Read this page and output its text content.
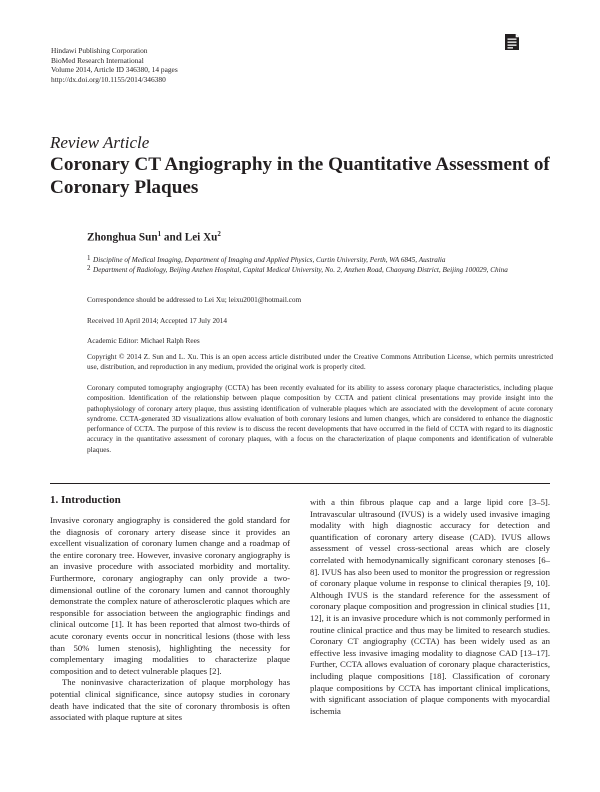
Hindawi Publishing Corporation
BioMed Research International
Volume 2014, Article ID 346380, 14 pages
http://dx.doi.org/10.1155/2014/346380
Review Article
Coronary CT Angiography in the Quantitative Assessment of Coronary Plaques
Zhonghua Sun$^1$ and Lei Xu$^2$
1 Discipline of Medical Imaging, Department of Imaging and Applied Physics, Curtin University, Perth, WA 6845, Australia
2 Department of Radiology, Beijing Anzhen Hospital, Capital Medical University, No. 2, Anzhen Road, Chaoyang District, Beijing 100029, China
Correspondence should be addressed to Lei Xu; leixu2001@hotmail.com
Received 10 April 2014; Accepted 17 July 2014
Academic Editor: Michael Ralph Rees
Copyright © 2014 Z. Sun and L. Xu. This is an open access article distributed under the Creative Commons Attribution License, which permits unrestricted use, distribution, and reproduction in any medium, provided the original work is properly cited.
Coronary computed tomography angiography (CCTA) has been recently evaluated for its ability to assess coronary plaque characteristics, including plaque composition. Identification of the relationship between plaque composition by CCTA and patient clinical presentations may provide insight into the pathophysiology of coronary artery plaque, thus assisting identification of vulnerable plaques which are associated with the development of acute coronary syndrome. CCTA-generated 3D visualizations allow evaluation of both coronary lesions and lumen changes, which are considered to enhance the diagnostic performance of CCTA. The purpose of this review is to discuss the recent developments that have occurred in the field of CCTA with regard to its diagnostic accuracy in the quantitative assessment of coronary plaques, with a focus on the characterization of plaque components and identification of vulnerable plaques.
1. Introduction

Invasive coronary angiography is considered the gold standard for the diagnosis of coronary artery disease since it provides an excellent visualization of coronary lumen change and a roadmap of the entire coronary tree. However, invasive coronary angiography is an invasive procedure with associated morbidity and mortality. Furthermore, coronary angiography can only provide a two-dimensional outline of the coronary lumen and cannot thoroughly demonstrate the complex nature of atherosclerotic plaques which are responsible for association between the angiographic findings and clinical outcome [1]. It has been reported that almost two-thirds of acute coronary events occur in noncritical lesions (those with less than 50% lumen stenosis), highlighting the necessity for complementary imaging modalities to characterize plaque composition and to detect vulnerable plaques [2].

The noninvasive characterization of plaque morphology has potential clinical significance, since autopsy studies in coronary death have indicated that the site of coronary thrombosis is often associated with plaque rupture at sites

with a thin fibrous plaque cap and a large lipid core [3–5]. Intravascular ultrasound (IVUS) is a widely used invasive imaging modality with high diagnostic accuracy for detection and quantification of coronary artery disease (CAD). IVUS allows assessment of vessel cross-sectional areas which are closely correlated with hemodynamically significant coronary stenoses [6–8]. IVUS has also been used to monitor the progression or regression of coronary plaque volume in response to clinical therapies [9, 10]. Although IVUS is the standard reference for the assessment of coronary plaque composition and progression in clinical studies [11, 12], it is an invasive procedure which is not commonly performed in routine clinical practice and thus may be limited to research studies. Coronary CT angiography (CCTA) has been widely used as an effective less invasive imaging modality to diagnose CAD [13–17]. Further, CCTA allows evaluation of coronary plaque characteristics, including plaque compositions [18]. Classification of coronary plaque compositions by CCTA has important clinical implications, with significant association of plaque components with myocardial ischemia
